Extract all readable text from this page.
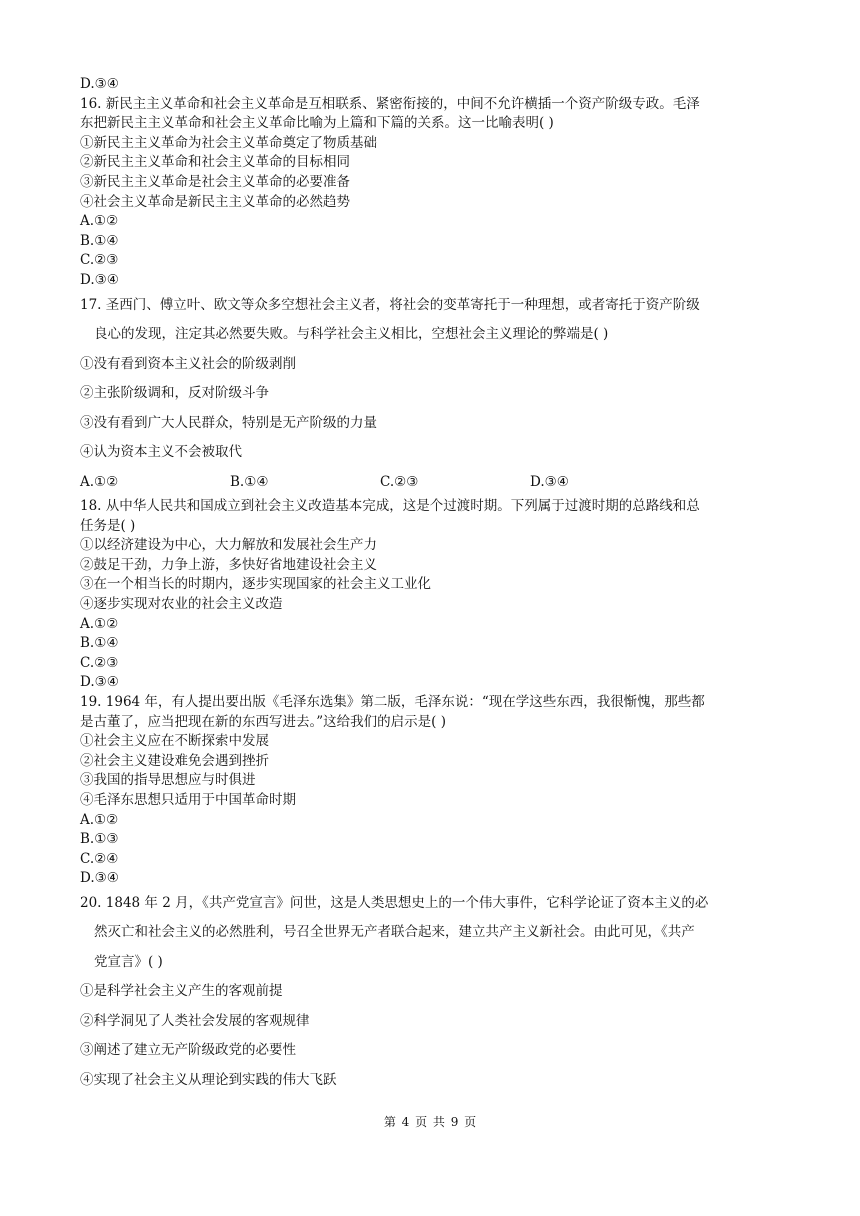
D.③④
16. 新民主主义革命和社会主义革命是互相联系、紧密衔接的，中间不允许横插一个资产阶级专政。毛泽
东把新民主主义革命和社会主义革命比喻为上篇和下篇的关系。这一比喻表明( )
①新民主主义革命为社会主义革命奠定了物质基础
②新民主主义革命和社会主义革命的目标相同
③新民主主义革命是社会主义革命的必要准备
④社会主义革命是新民主主义革命的必然趋势
A.①②
B.①④
C.②③
D.③④
17. 圣西门、傅立叶、欧文等众多空想社会主义者，将社会的变革寄托于一种理想，或者寄托于资产阶级
良心的发现，注定其必然要失败。与科学社会主义相比，空想社会主义理论的弊端是( )
①没有看到资本主义社会的阶级剥削
②主张阶级调和，反对阶级斗争
③没有看到广大人民群众，特别是无产阶级的力量
④认为资本主义不会被取代
A.①②	B.①④	C.②③	D.③④
18. 从中华人民共和国成立到社会主义改造基本完成，这是个过渡时期。下列属于过渡时期的总路线和总
任务是( )
①以经济建设为中心，大力解放和发展社会生产力
②鼓足干劲，力争上游，多快好省地建设社会主义
③在一个相当长的时期内，逐步实现国家的社会主义工业化
④逐步实现对农业的社会主义改造
A.①②
B.①④
C.②③
D.③④
19. 1964 年，有人提出要出版《毛泽东选集》第二版，毛泽东说：“现在学这些东西，我很惭愧，那些都
是古董了，应当把现在新的东西写进去。”这给我们的启示是( )
①社会主义应在不断探索中发展
②社会主义建设难免会遇到挫折
③我国的指导思想应与时俱进
④毛泽东思想只适用于中国革命时期
A.①②
B.①③
C.②④
D.③④
20. 1848 年 2 月，《共产党宣言》问世，这是人类思想史上的一个伟大事件，它科学论证了资本主义的必
然灭亡和社会主义的必然胜利，号召全世界无产者联合起来，建立共产主义新社会。由此可见，《共产
党宣言》( )
①是科学社会主义产生的客观前提
②科学洞见了人类社会发展的客观规律
③阐述了建立无产阶级政党的必要性
④实现了社会主义从理论到实践的伟大飞跃
第 4 页 共 9 页
